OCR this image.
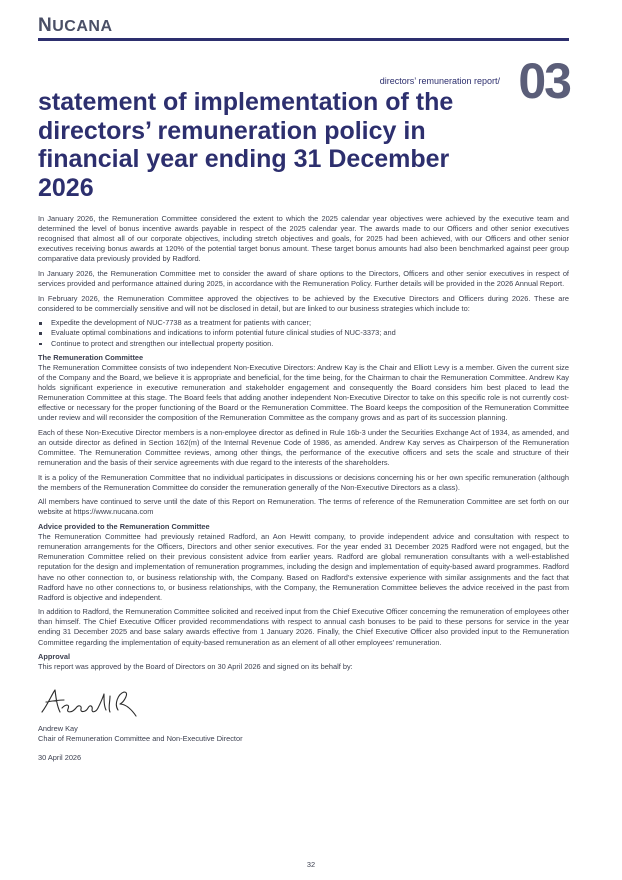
NUCANA
directors’ remuneration report/ 03
statement of implementation of the directors’ remuneration policy in financial year ending 31 December 2026

In January 2026, the Remuneration Committee considered the extent to which the 2025 calendar year objectives were achieved by the executive team and determined the level of bonus incentive awards payable in respect of the 2025 calendar year. The awards made to our Officers and other senior executives recognised that almost all of our corporate objectives, including stretch objectives and goals, for 2025 had been achieved, with our Officers and other senior executives receiving bonus awards at 120% of the potential target bonus amount. These target bonus amounts had also been benchmarked against peer group comparative data previously provided by Radford.

In January 2026, the Remuneration Committee met to consider the award of share options to the Directors, Officers and other senior executives in respect of services provided and performance attained during 2025, in accordance with the Remuneration Policy. Further details will be provided in the 2026 Annual Report.

In February 2026, the Remuneration Committee approved the objectives to be achieved by the Executive Directors and Officers during 2026. These are considered to be commercially sensitive and will not be disclosed in detail, but are linked to our business strategies which include to:

Expedite the development of NUC-7738 as a treatment for patients with cancer;
Evaluate optimal combinations and indications to inform potential future clinical studies of NUC-3373; and
Continue to protect and strengthen our intellectual property position.
The Remuneration Committee

The Remuneration Committee consists of two independent Non-Executive Directors: Andrew Kay is the Chair and Elliott Levy is a member. Given the current size of the Company and the Board, we believe it is appropriate and beneficial, for the time being, for the Chairman to chair the Remuneration Committee. Andrew Kay holds significant experience in executive remuneration and stakeholder engagement and consequently the Board considers him best placed to lead the Remuneration Committee at this stage. The Board feels that adding another independent Non-Executive Director to take on this specific role is not currently cost-effective or necessary for the proper functioning of the Board or the Remuneration Committee. The Board keeps the composition of the Remuneration Committee under review and will reconsider the composition of the Remuneration Committee as the company grows and as part of its succession planning.

Each of these Non-Executive Director members is a non-employee director as defined in Rule 16b-3 under the Securities Exchange Act of 1934, as amended, and an outside director as defined in Section 162(m) of the Internal Revenue Code of 1986, as amended. Andrew Kay serves as Chairperson of the Remuneration Committee. The Remuneration Committee reviews, among other things, the performance of the executive officers and sets the scale and structure of their remuneration and the basis of their service agreements with due regard to the interests of the shareholders.

It is a policy of the Remuneration Committee that no individual participates in discussions or decisions concerning his or her own specific remuneration (although the members of the Remuneration Committee do consider the remuneration generally of the Non-Executive Directors as a class).

All members have continued to serve until the date of this Report on Remuneration. The terms of reference of the Remuneration Committee are set forth on our website at https://www.nucana.com

Advice provided to the Remuneration Committee

The Remuneration Committee had previously retained Radford, an Aon Hewitt company, to provide independent advice and consultation with respect to remuneration arrangements for the Officers, Directors and other senior executives. For the year ended 31 December 2025 Radford were not engaged, but the Remuneration Committee relied on their previous consistent advice from earlier years. Radford are global remuneration consultants with a well-established reputation for the design and implementation of remuneration programmes, including the design and implementation of equity-based award programmes. Radford have no other connection to, or business relationship with, the Company. Based on Radford’s extensive experience with similar assignments and the fact that Radford have no other connections to, or business relationships, with the Company, the Remuneration Committee believes the advice received in the past from Radford is objective and independent.

In addition to Radford, the Remuneration Committee solicited and received input from the Chief Executive Officer concerning the remuneration of employees other than himself. The Chief Executive Officer provided recommendations with respect to annual cash bonuses to be paid to these persons for service in the year ending 31 December 2025 and base salary awards effective from 1 January 2026. Finally, the Chief Executive Officer also provided input to the Remuneration Committee regarding the implementation of equity-based remuneration as an element of all other employees’ remuneration.

Approval

This report was approved by the Board of Directors on 30 April 2026 and signed on its behalf by:

Andrew Kay

Chair of Remuneration Committee and Non-Executive Director

30 April 2026

32
